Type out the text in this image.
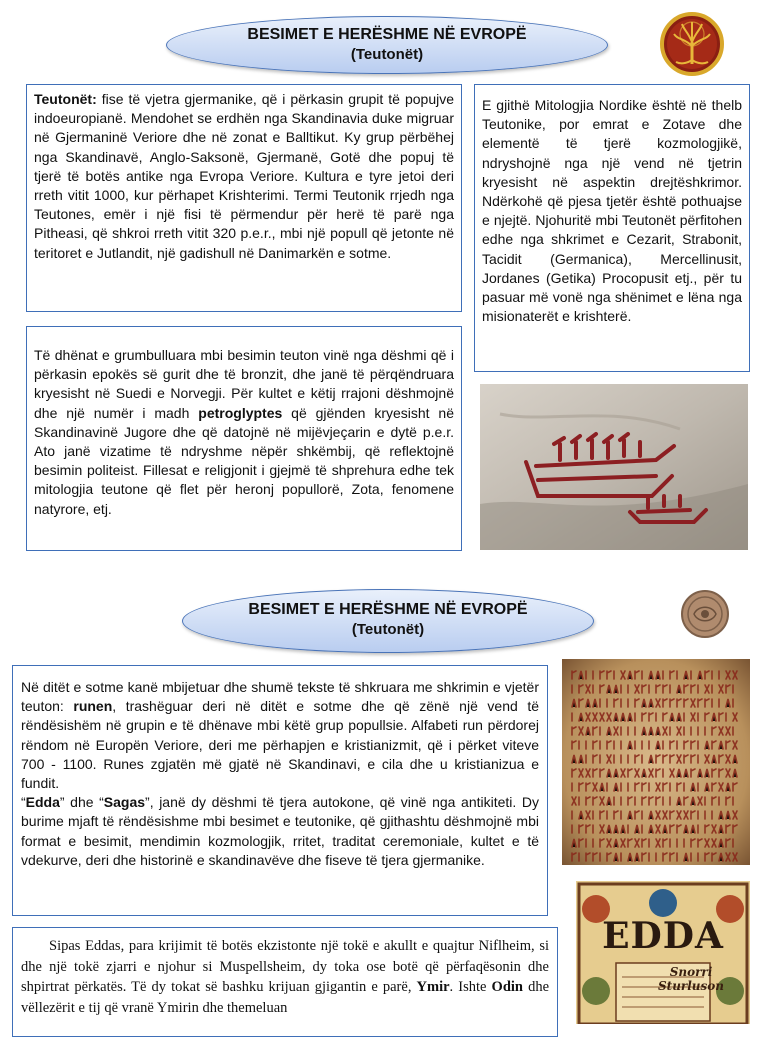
BESIMET E HERËSHME NË EVROPË
(Teutonët)
Teutonët: fise të vjetra gjermanike, që i përkasin grupit të popujve indoeuropianë. Mendohet se erdhën nga Skandinavia duke migruar në Gjermaninë Veriore dhe në zonat e Balltikut. Ky grup përbëhej nga Skandinavë, Anglo-Saksonë, Gjermanë, Gotë dhe popuj të tjerë të botës antike nga Evropa Veriore. Kultura e tyre jetoi deri rreth vitit 1000, kur përhapet Krishterimi. Termi Teutonik rrjedh nga Teutones, emër i një fisi të përmendur për herë të parë nga Pitheasi, që shkroi rreth vitit 320 p.e.r., mbi një popull që jetonte në teritoret e Jutlandit, një gadishull në Danimarkën e sotme.
E gjithë Mitologjia Nordike është në thelb Teutonike, por emrat e Zotave dhe elementë të tjerë kozmologjikë, ndryshojnë nga një vend në tjetrin kryesisht në aspektin drejtëshkrimor. Ndërkohë që pjesa tjetër është pothuajse e njejtë. Njohuritë mbi Teutonët përfitohen edhe nga shkrimet e Cezarit, Strabonit, Tacidit (Germanica), Mercellinusit, Jordanes (Getika) Procopusit etj., për tu pasuar më vonë nga shënimet e lëna nga misionaterët e krishterë.
Të dhënat e grumbulluara mbi besimin teuton vinë nga dëshmi që i përkasin epokës së gurit dhe të bronzit, dhe janë të përqëndruara kryesisht në Suedi e Norvegji. Për kultet e këtij rrajoni dëshmojnë dhe një numër i madh petroglyptes që gjënden kryesisht në Skandinavinë Jugore dhe që datojnë në mijëvjeçarin e dytë p.e.r. Ato janë vizatime të ndryshme nëpër shkëmbij, që reflektojnë besimin politeist. Fillesat e religjonit i gjejmë të shprehura edhe tek mitologjia teutone që flet për heronj popullorë, Zota, fenomene natyrore, etj.
BESIMET E HERËSHME NË EVROPË
(Teutonët)
Në ditët e sotme kanë mbijetuar dhe shumë tekste të shkruara me shkrimin e vjetër teuton: runen, trashëguar deri në ditët e sotme dhe që zënë një vend të rëndësishëm në grupin e të dhënave mbi këtë grup popullsie. Alfabeti run përdorej rëndom në Europën Veriore, deri me përhapjen e kristianizmit, që i përket viteve 700 - 1100. Runes zgjatën më gjatë në Skandinavi, e cila dhe u kristianizua e fundit.
“Edda” dhe “Sagas”, janë dy dëshmi të tjera autokone, që vinë nga antikiteti. Dy burime mjaft të rëndësishme mbi besimet e teutonike, që gjithashtu dëshmojnë mbi format e besimit, mendimin kozmologjik, rritet, traditat ceremoniale, kultet e të vdekurve, deri dhe historinë e skandinavëve dhe fiseve të tjera gjermanike.
EDDA
Snorri Sturluson
Sipas Eddas, para krijimit të botës ekzistonte një tokë e akullt e quajtur Niflheim, si dhe një tokë zjarri e njohur si Muspellsheim, dy toka ose botë që përfaqësonin dhe shpirtrat përkatës. Të dy tokat së bashku krijuan gjigantin e parë, Ymir. Ishte Odin dhe vëllezërit e tij që vranë Ymirin dhe themeluan
